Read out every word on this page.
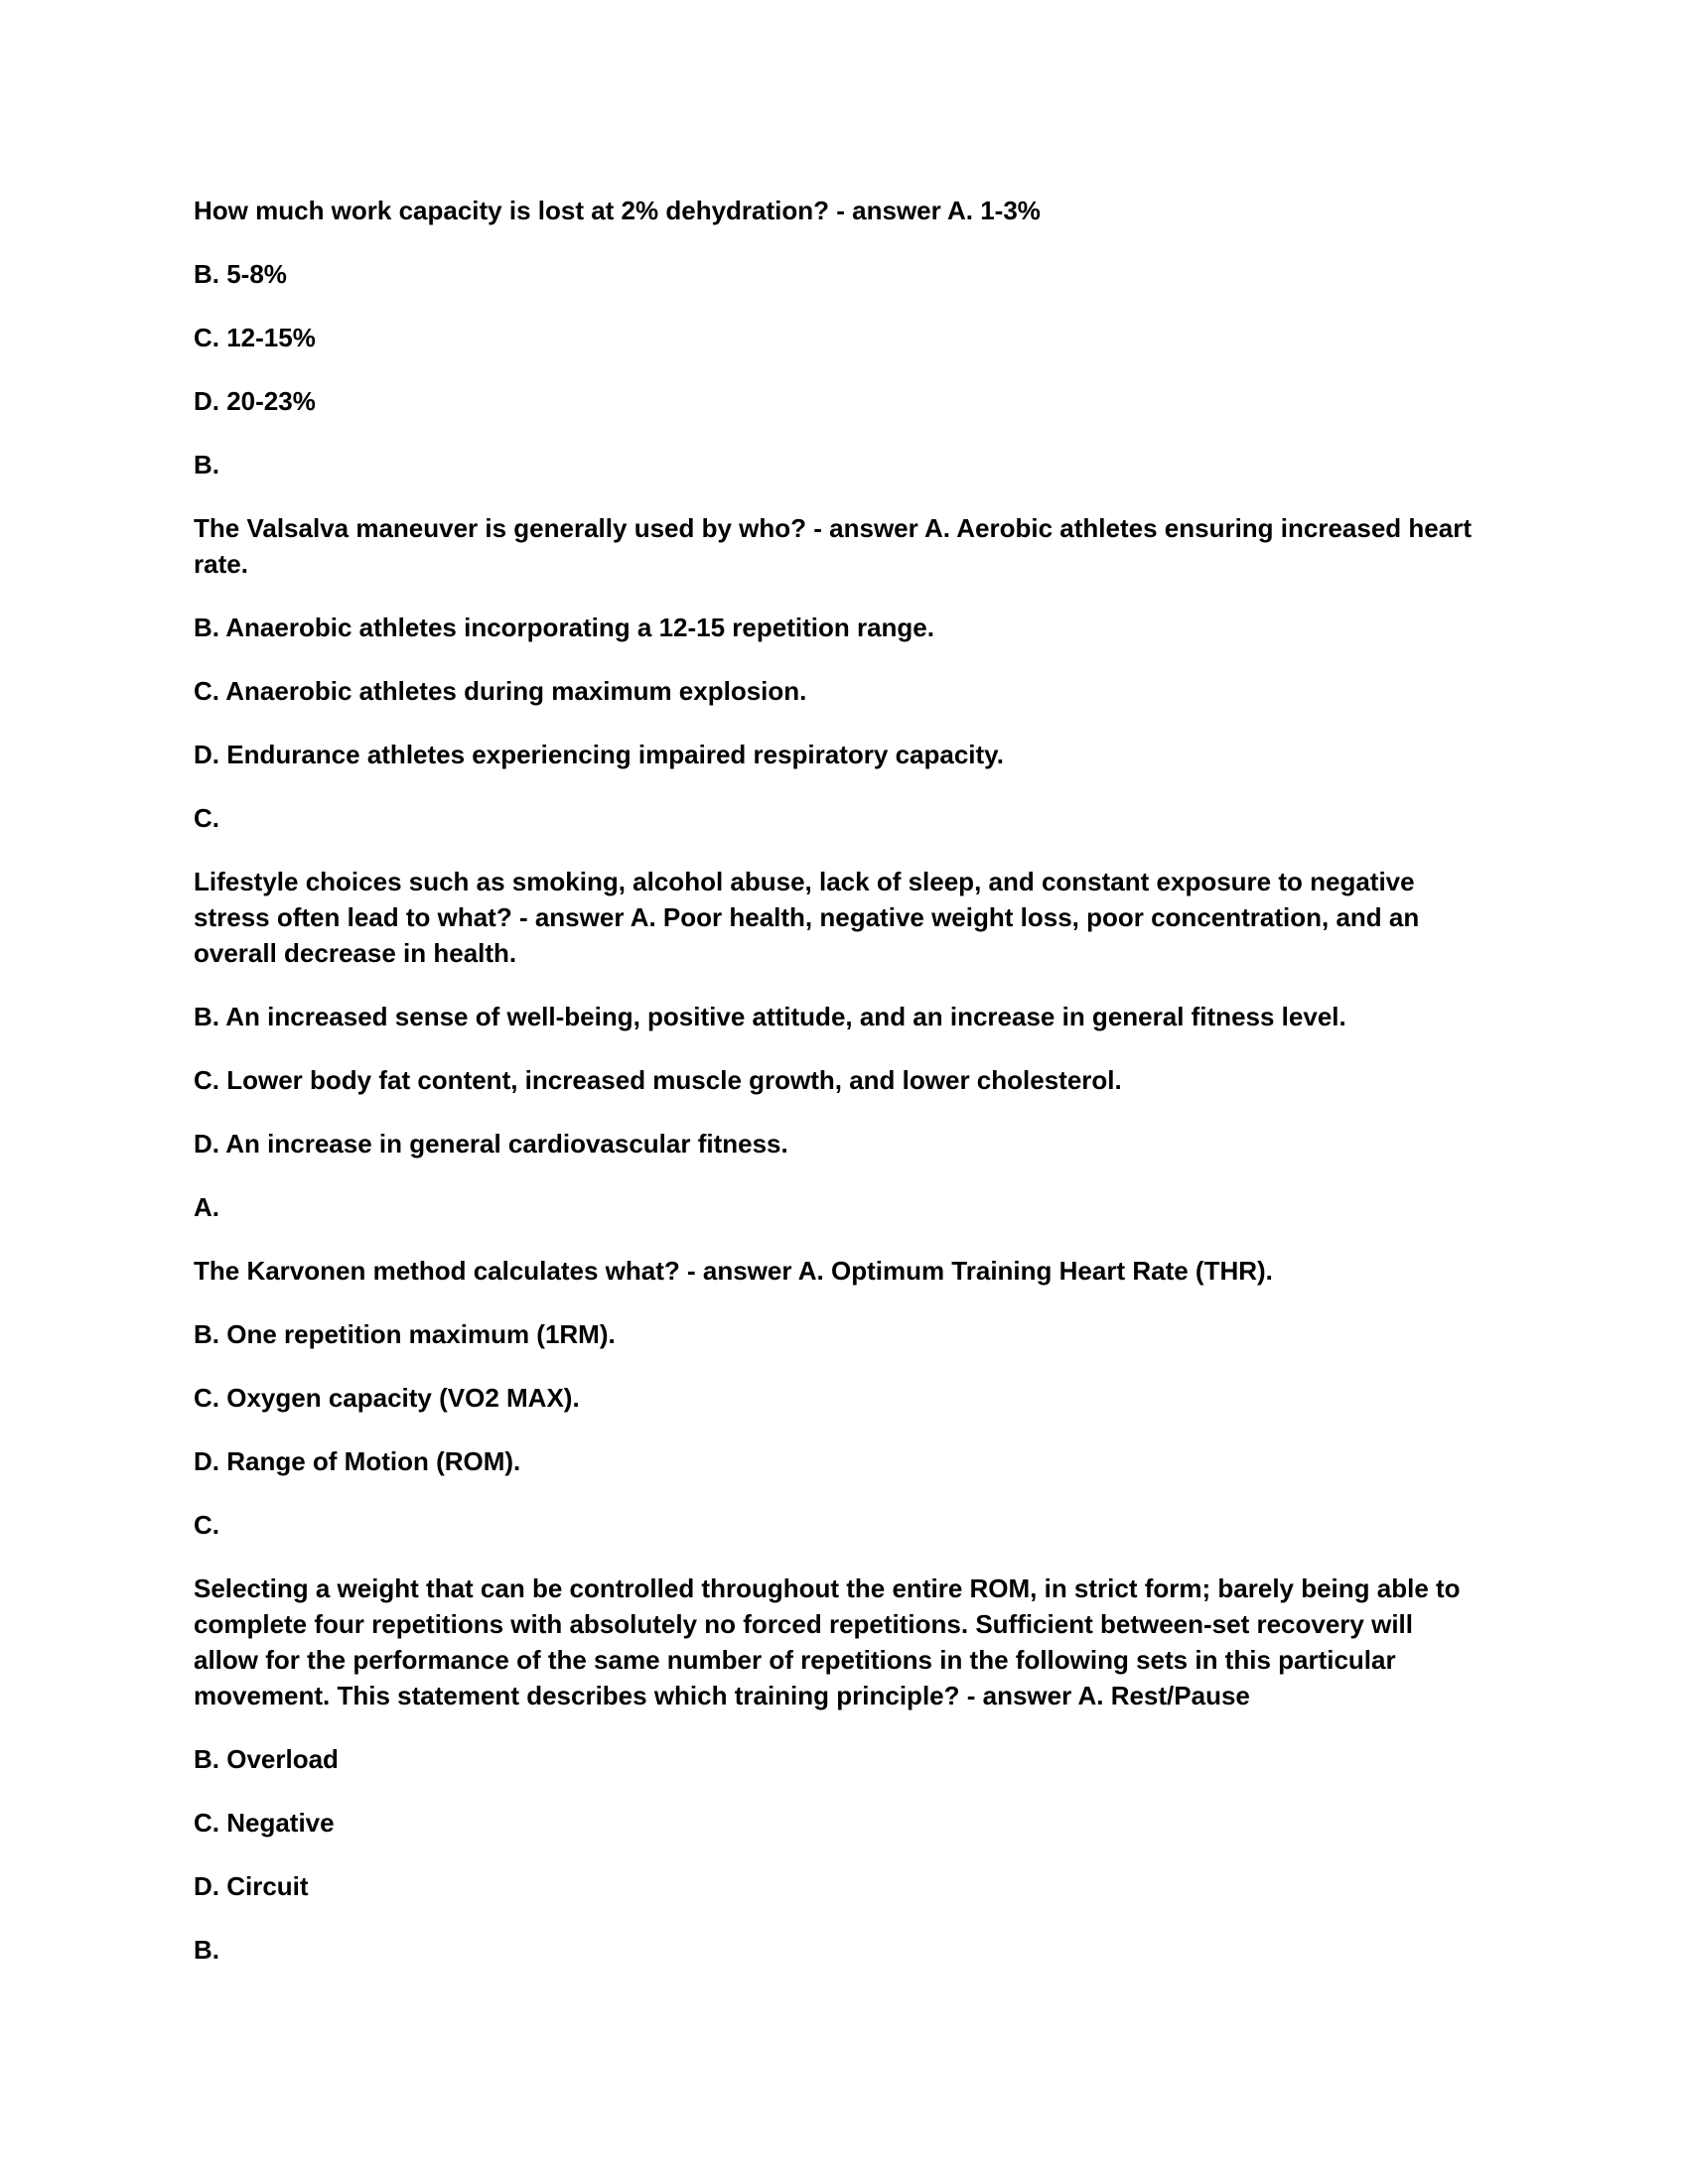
How much work capacity is lost at 2% dehydration? - answer A. 1-3%

B. 5-8%

C. 12-15%

D. 20-23%

B.

The Valsalva maneuver is generally used by who? - answer A. Aerobic athletes ensuring increased heart rate.

B. Anaerobic athletes incorporating a 12-15 repetition range.

C. Anaerobic athletes during maximum explosion.

D. Endurance athletes experiencing impaired respiratory capacity.

C.

Lifestyle choices such as smoking, alcohol abuse, lack of sleep, and constant exposure to negative stress often lead to what? - answer A. Poor health, negative weight loss, poor concentration, and an overall decrease in health.

B. An increased sense of well-being, positive attitude, and an increase in general fitness level.

C. Lower body fat content, increased muscle growth, and lower cholesterol.

D. An increase in general cardiovascular fitness.

A.

The Karvonen method calculates what? - answer A. Optimum Training Heart Rate (THR).

B. One repetition maximum (1RM).

C. Oxygen capacity (VO2 MAX).

D. Range of Motion (ROM).

C.

Selecting a weight that can be controlled throughout the entire ROM, in strict form; barely being able to complete four repetitions with absolutely no forced repetitions. Sufficient between-set recovery will allow for the performance of the same number of repetitions in the following sets in this particular movement. This statement describes which training principle? - answer A. Rest/Pause

B. Overload

C. Negative

D. Circuit

B.
